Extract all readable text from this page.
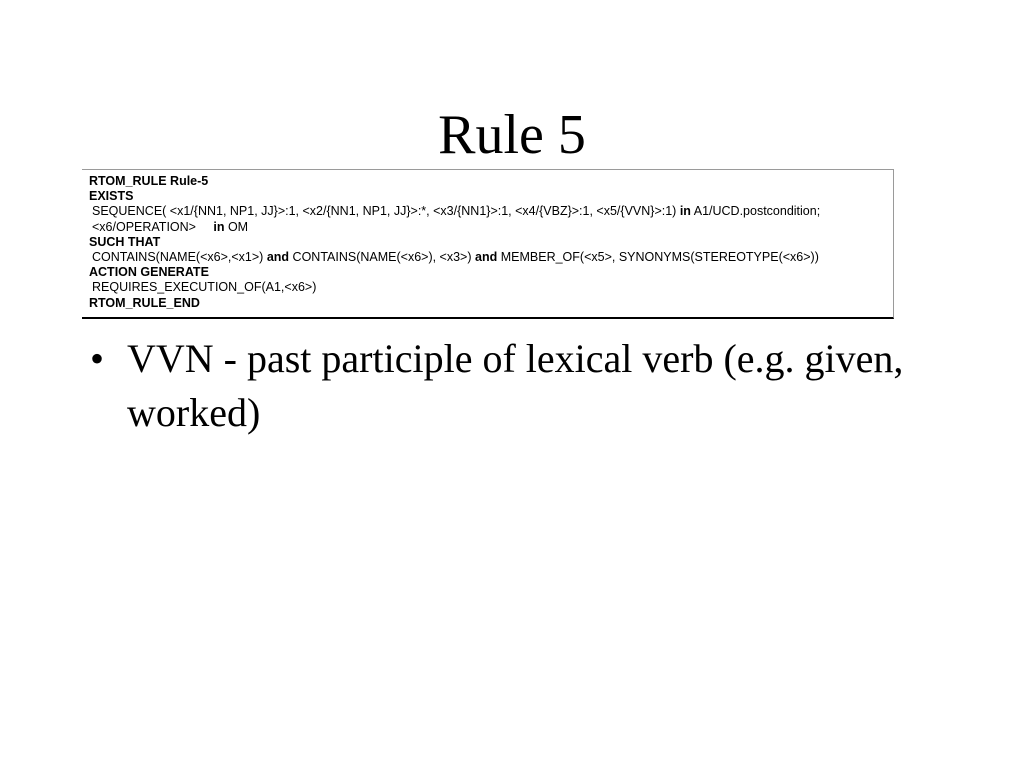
Rule 5
RTOM_RULE Rule-5
EXISTS
SEQUENCE( <x1/{NN1, NP1, JJ}>:1, <x2/{NN1, NP1, JJ}>:*, <x3/{NN1}>:1, <x4/{VBZ}>:1, <x5/{VVN}>:1) in A1/UCD.postcondition;
<x6/OPERATION> in OM
SUCH THAT
CONTAINS(NAME(<x6>,<x1>) and CONTAINS(NAME(<x6>), <x3>) and MEMBER_OF(<x5>, SYNONYMS(STEREOTYPE(<x6>))
ACTION GENERATE
REQUIRES_EXECUTION_OF(A1,<x6>)
RTOM_RULE_END
• VVN - past participle of lexical verb (e.g. given, worked)
